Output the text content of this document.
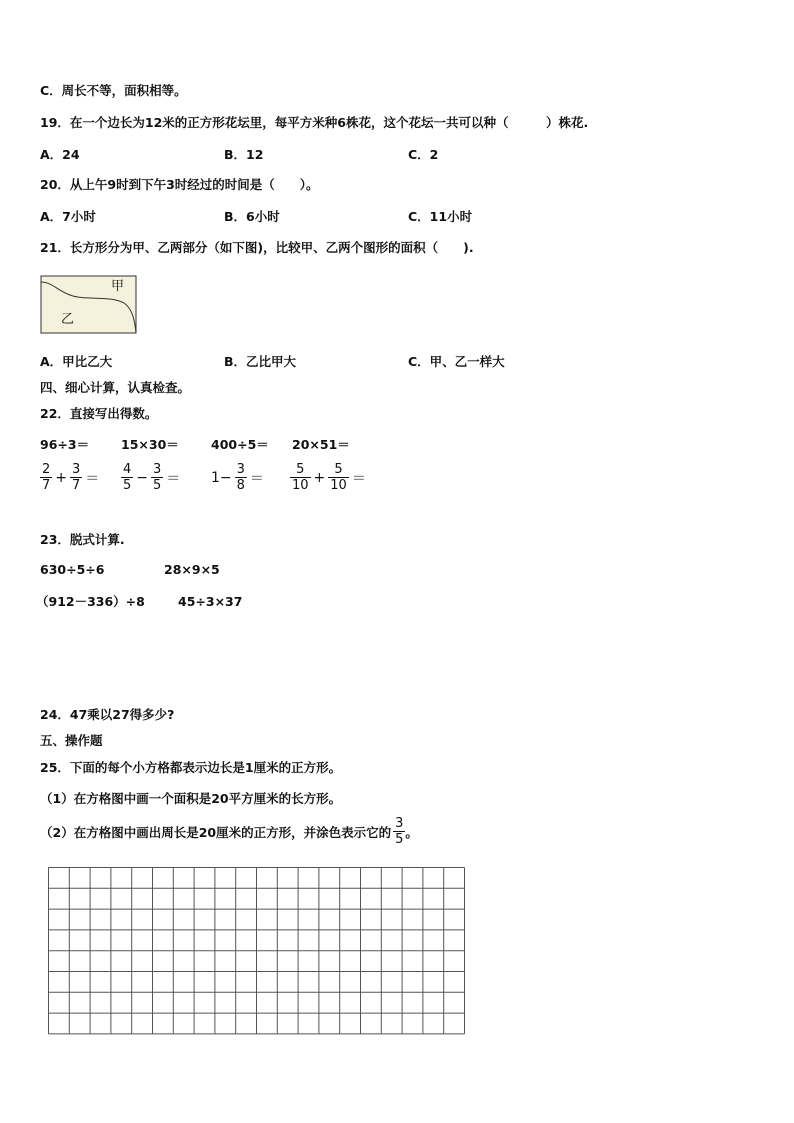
C．周长不等，面积相等。
19．在一个边长为12米的正方形花坛里，每平方米种6株花，这个花坛一共可以种（　　　）株花.
A．24	B．12	C．2
20．从上午9时到下午3时经过的时间是（　　）。
A．7小时	B．6小时	C．11小时
21．长方形分为甲、乙两部分（如下图)，比较甲、乙两个图形的面积（　　).
甲
乙
A．甲比乙大	B．乙比甲大	C．甲、乙一样大
四、细心计算，认真检查。
22．直接写出得数。
96÷3＝	15×30＝	400÷5＝ 20×51＝
$\frac{2}{7} + \frac{3}{7} = \frac{4}{5} - \frac{3}{5} = 1- \frac{3}{8} = \frac{5}{10} + \frac{5}{10}$ ＝
23．脱式计算.
630÷5÷6	28×9×5
（912－336）÷8	45÷3×37
24．47乘以27得多少?
五、操作题
25．下面的每个小方格都表示边长是1厘米的正方形。
（1）在方格图中画一个面积是20平方厘米的长方形。
（2）在方格图中画出周长是20厘米的正方形，并涂色表示它的 $\frac{3}{5}$ 。
